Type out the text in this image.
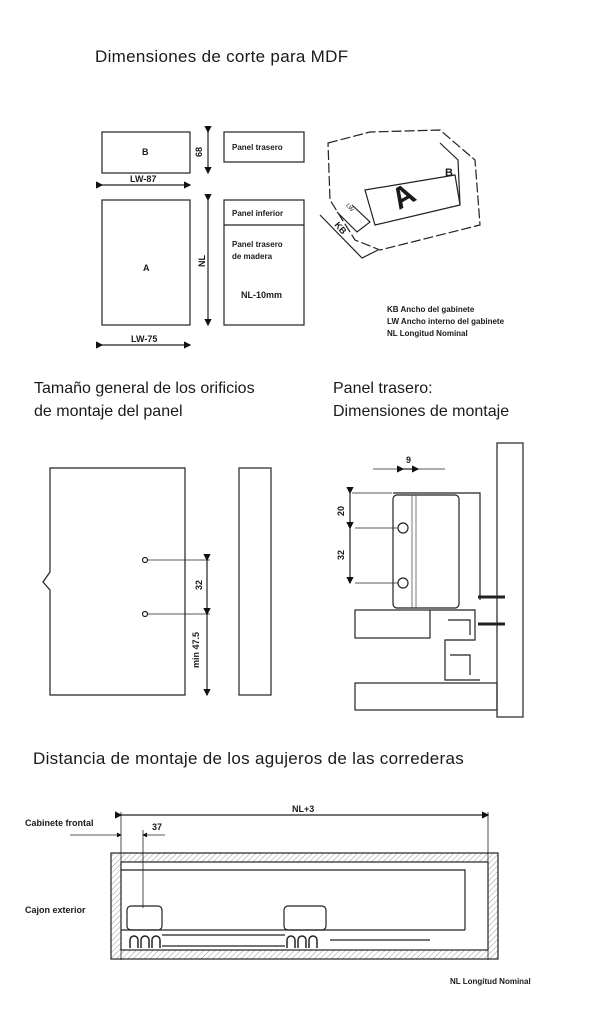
Dimensiones de corte para MDF
B	68
LW-87
Panel trasero
A
NL
LW-75
Panel inferior
Panel trasero
de madera
NL-10mm
A
B
LW
KB
KB Ancho del gabinete
LW Ancho interno del gabinete
NL Longitud Nominal
Tamaño general de los orificios
de montaje del panel
Panel trasero:
Dimensiones de montaje
32
min 47.5
9
20
32
Distancia de montaje de los agujeros de las correderas
NL+3
37
Cabinete frontal
Cajon exterior
NL Longitud Nominal
